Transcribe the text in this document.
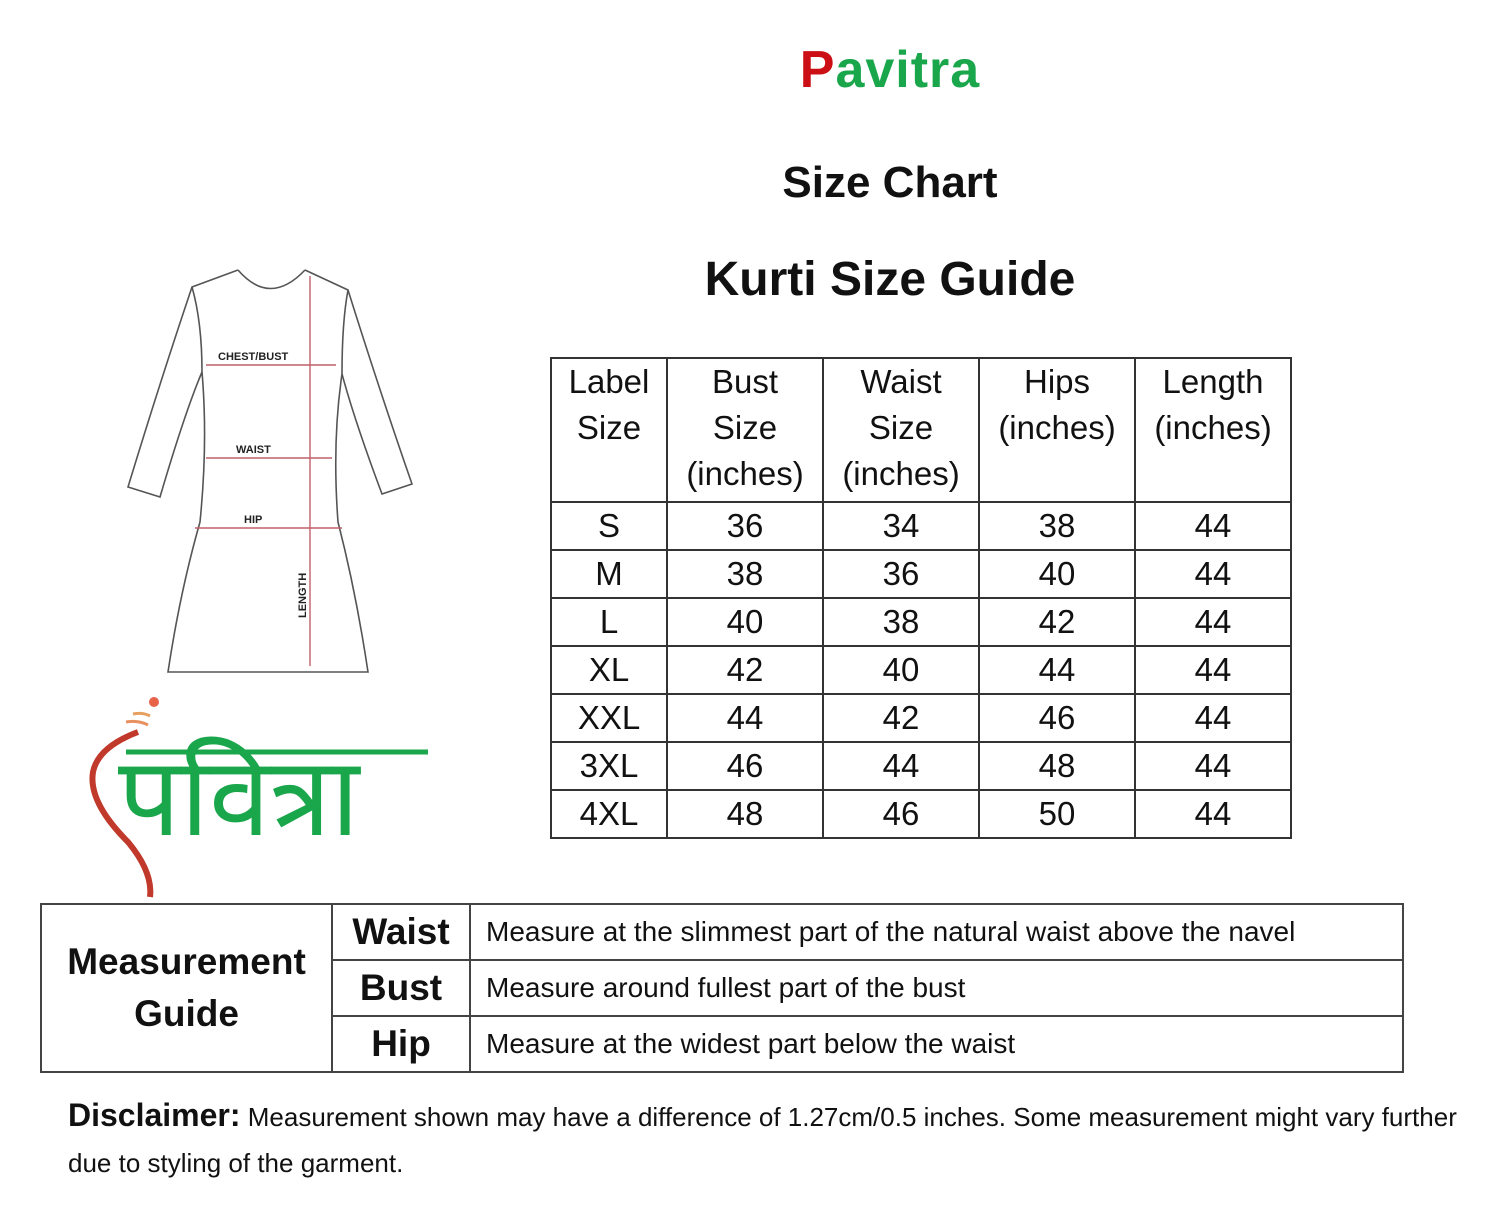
Pavitra
Size Chart
Kurti Size Guide
CHEST/BUST
WAIST
HIP
LENGTH
पवित्रा
Label
Size

Bust
Size
(inches)

Waist
Size
(inches)

Hips
(inches)

Length
(inches)

S	36	34	38	44
M	38	36	40	44
L	40	38	42	44
XL	42	40	44	44
XXL	44	42	46	44
3XL	46	44	48	44
4XL	48	46	50	44
Measurement
Guide	Waist	Measure at the slimmest part of the natural waist above the navel
	Bust	Measure around fullest part of the bust
	Hip	Measure at the widest part below the waist
Disclaimer: Measurement shown may have a difference of 1.27cm/0.5 inches. Some measurement might vary further due to styling of the garment.
